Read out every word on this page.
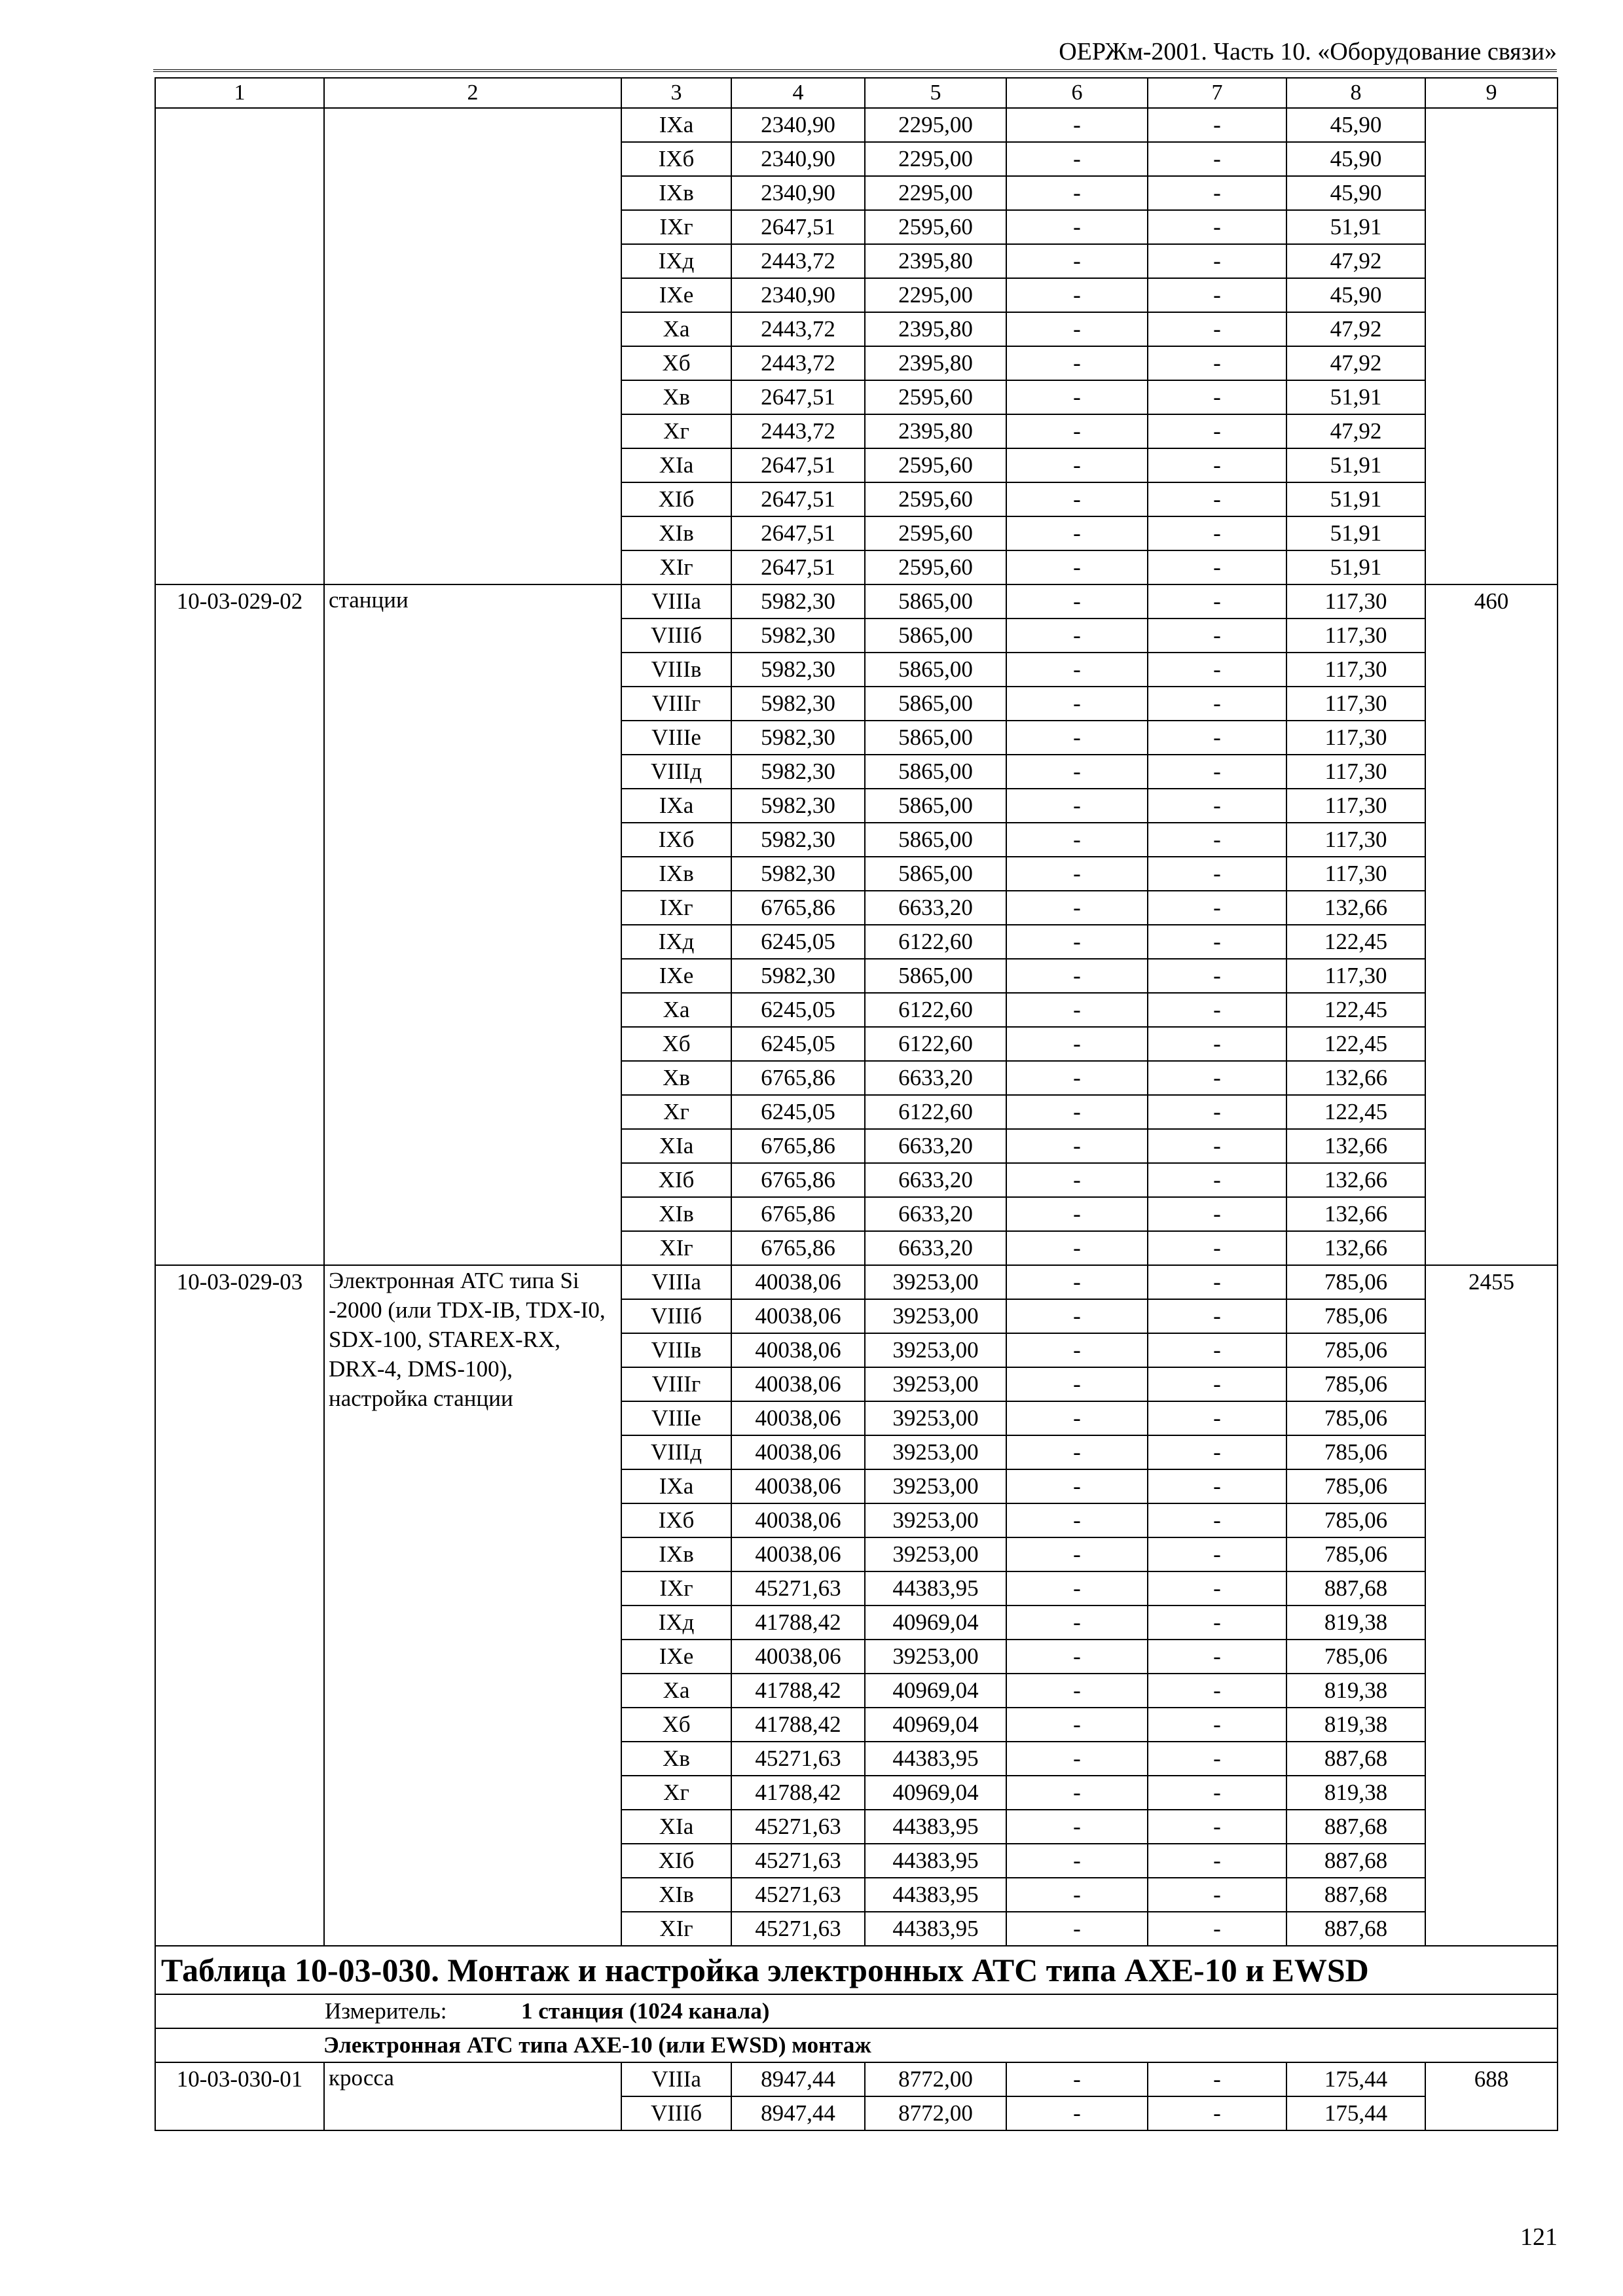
ОЕРЖм-2001. Часть 10. «Оборудование связи»
1	2	3	4	5	6	7	8	9
		IXа	2340,90	2295,00	-	-	45,90	
		IXб	2340,90	2295,00	-	-	45,90	
		IXв	2340,90	2295,00	-	-	45,90	
		IXг	2647,51	2595,60	-	-	51,91	
		IXд	2443,72	2395,80	-	-	47,92	
		IXе	2340,90	2295,00	-	-	45,90	
		Xа	2443,72	2395,80	-	-	47,92	
		Xб	2443,72	2395,80	-	-	47,92	
		Xв	2647,51	2595,60	-	-	51,91	
		Xг	2443,72	2395,80	-	-	47,92	
		XIа	2647,51	2595,60	-	-	51,91	
		XIб	2647,51	2595,60	-	-	51,91	
		XIв	2647,51	2595,60	-	-	51,91	
		XIг	2647,51	2595,60	-	-	51,91	
10-03-029-02	станции	VIIIа	5982,30	5865,00	-	-	117,30	460
		VIIIб	5982,30	5865,00	-	-	117,30	
		VIIIв	5982,30	5865,00	-	-	117,30	
		VIIIг	5982,30	5865,00	-	-	117,30	
		VIIIе	5982,30	5865,00	-	-	117,30	
		VIIIд	5982,30	5865,00	-	-	117,30	
		IXа	5982,30	5865,00	-	-	117,30	
		IXб	5982,30	5865,00	-	-	117,30	
		IXв	5982,30	5865,00	-	-	117,30	
		IXг	6765,86	6633,20	-	-	132,66	
		IXд	6245,05	6122,60	-	-	122,45	
		IXе	5982,30	5865,00	-	-	117,30	
		Xа	6245,05	6122,60	-	-	122,45	
		Xб	6245,05	6122,60	-	-	122,45	
		Xв	6765,86	6633,20	-	-	132,66	
		Xг	6245,05	6122,60	-	-	122,45	
		XIа	6765,86	6633,20	-	-	132,66	
		XIб	6765,86	6633,20	-	-	132,66	
		XIв	6765,86	6633,20	-	-	132,66	
		XIг	6765,86	6633,20	-	-	132,66	
10-03-029-03	Электронная АТС типа Si -2000 (или TDX-IB, TDX-I0, SDX-100, STAREX-RX, DRX-4, DMS-100), настройка станции	VIIIа	40038,06	39253,00	-	-	785,06	2455
		VIIIб	40038,06	39253,00	-	-	785,06	
		VIIIв	40038,06	39253,00	-	-	785,06	
		VIIIг	40038,06	39253,00	-	-	785,06	
		VIIIе	40038,06	39253,00	-	-	785,06	
		VIIIд	40038,06	39253,00	-	-	785,06	
		IXа	40038,06	39253,00	-	-	785,06	
		IXб	40038,06	39253,00	-	-	785,06	
		IXв	40038,06	39253,00	-	-	785,06	
		IXг	45271,63	44383,95	-	-	887,68	
		IXд	41788,42	40969,04	-	-	819,38	
		IXе	40038,06	39253,00	-	-	785,06	
		Xа	41788,42	40969,04	-	-	819,38	
		Xб	41788,42	40969,04	-	-	819,38	
		Xв	45271,63	44383,95	-	-	887,68	
		Xг	41788,42	40969,04	-	-	819,38	
		XIа	45271,63	44383,95	-	-	887,68	
		XIб	45271,63	44383,95	-	-	887,68	
		XIв	45271,63	44383,95	-	-	887,68	
		XIг	45271,63	44383,95	-	-	887,68	
Таблица 10-03-030. Монтаж и настройка электронных АТС типа AXE-10 и EWSD								
Измеритель: 1 станция (1024 канала)								
Электронная АТС типа AXE-10 (или EWSD) монтаж								
10-03-030-01	кросса	VIIIа	8947,44	8772,00	-	-	175,44	688
		VIIIб	8947,44	8772,00	-	-	175,44	
121
